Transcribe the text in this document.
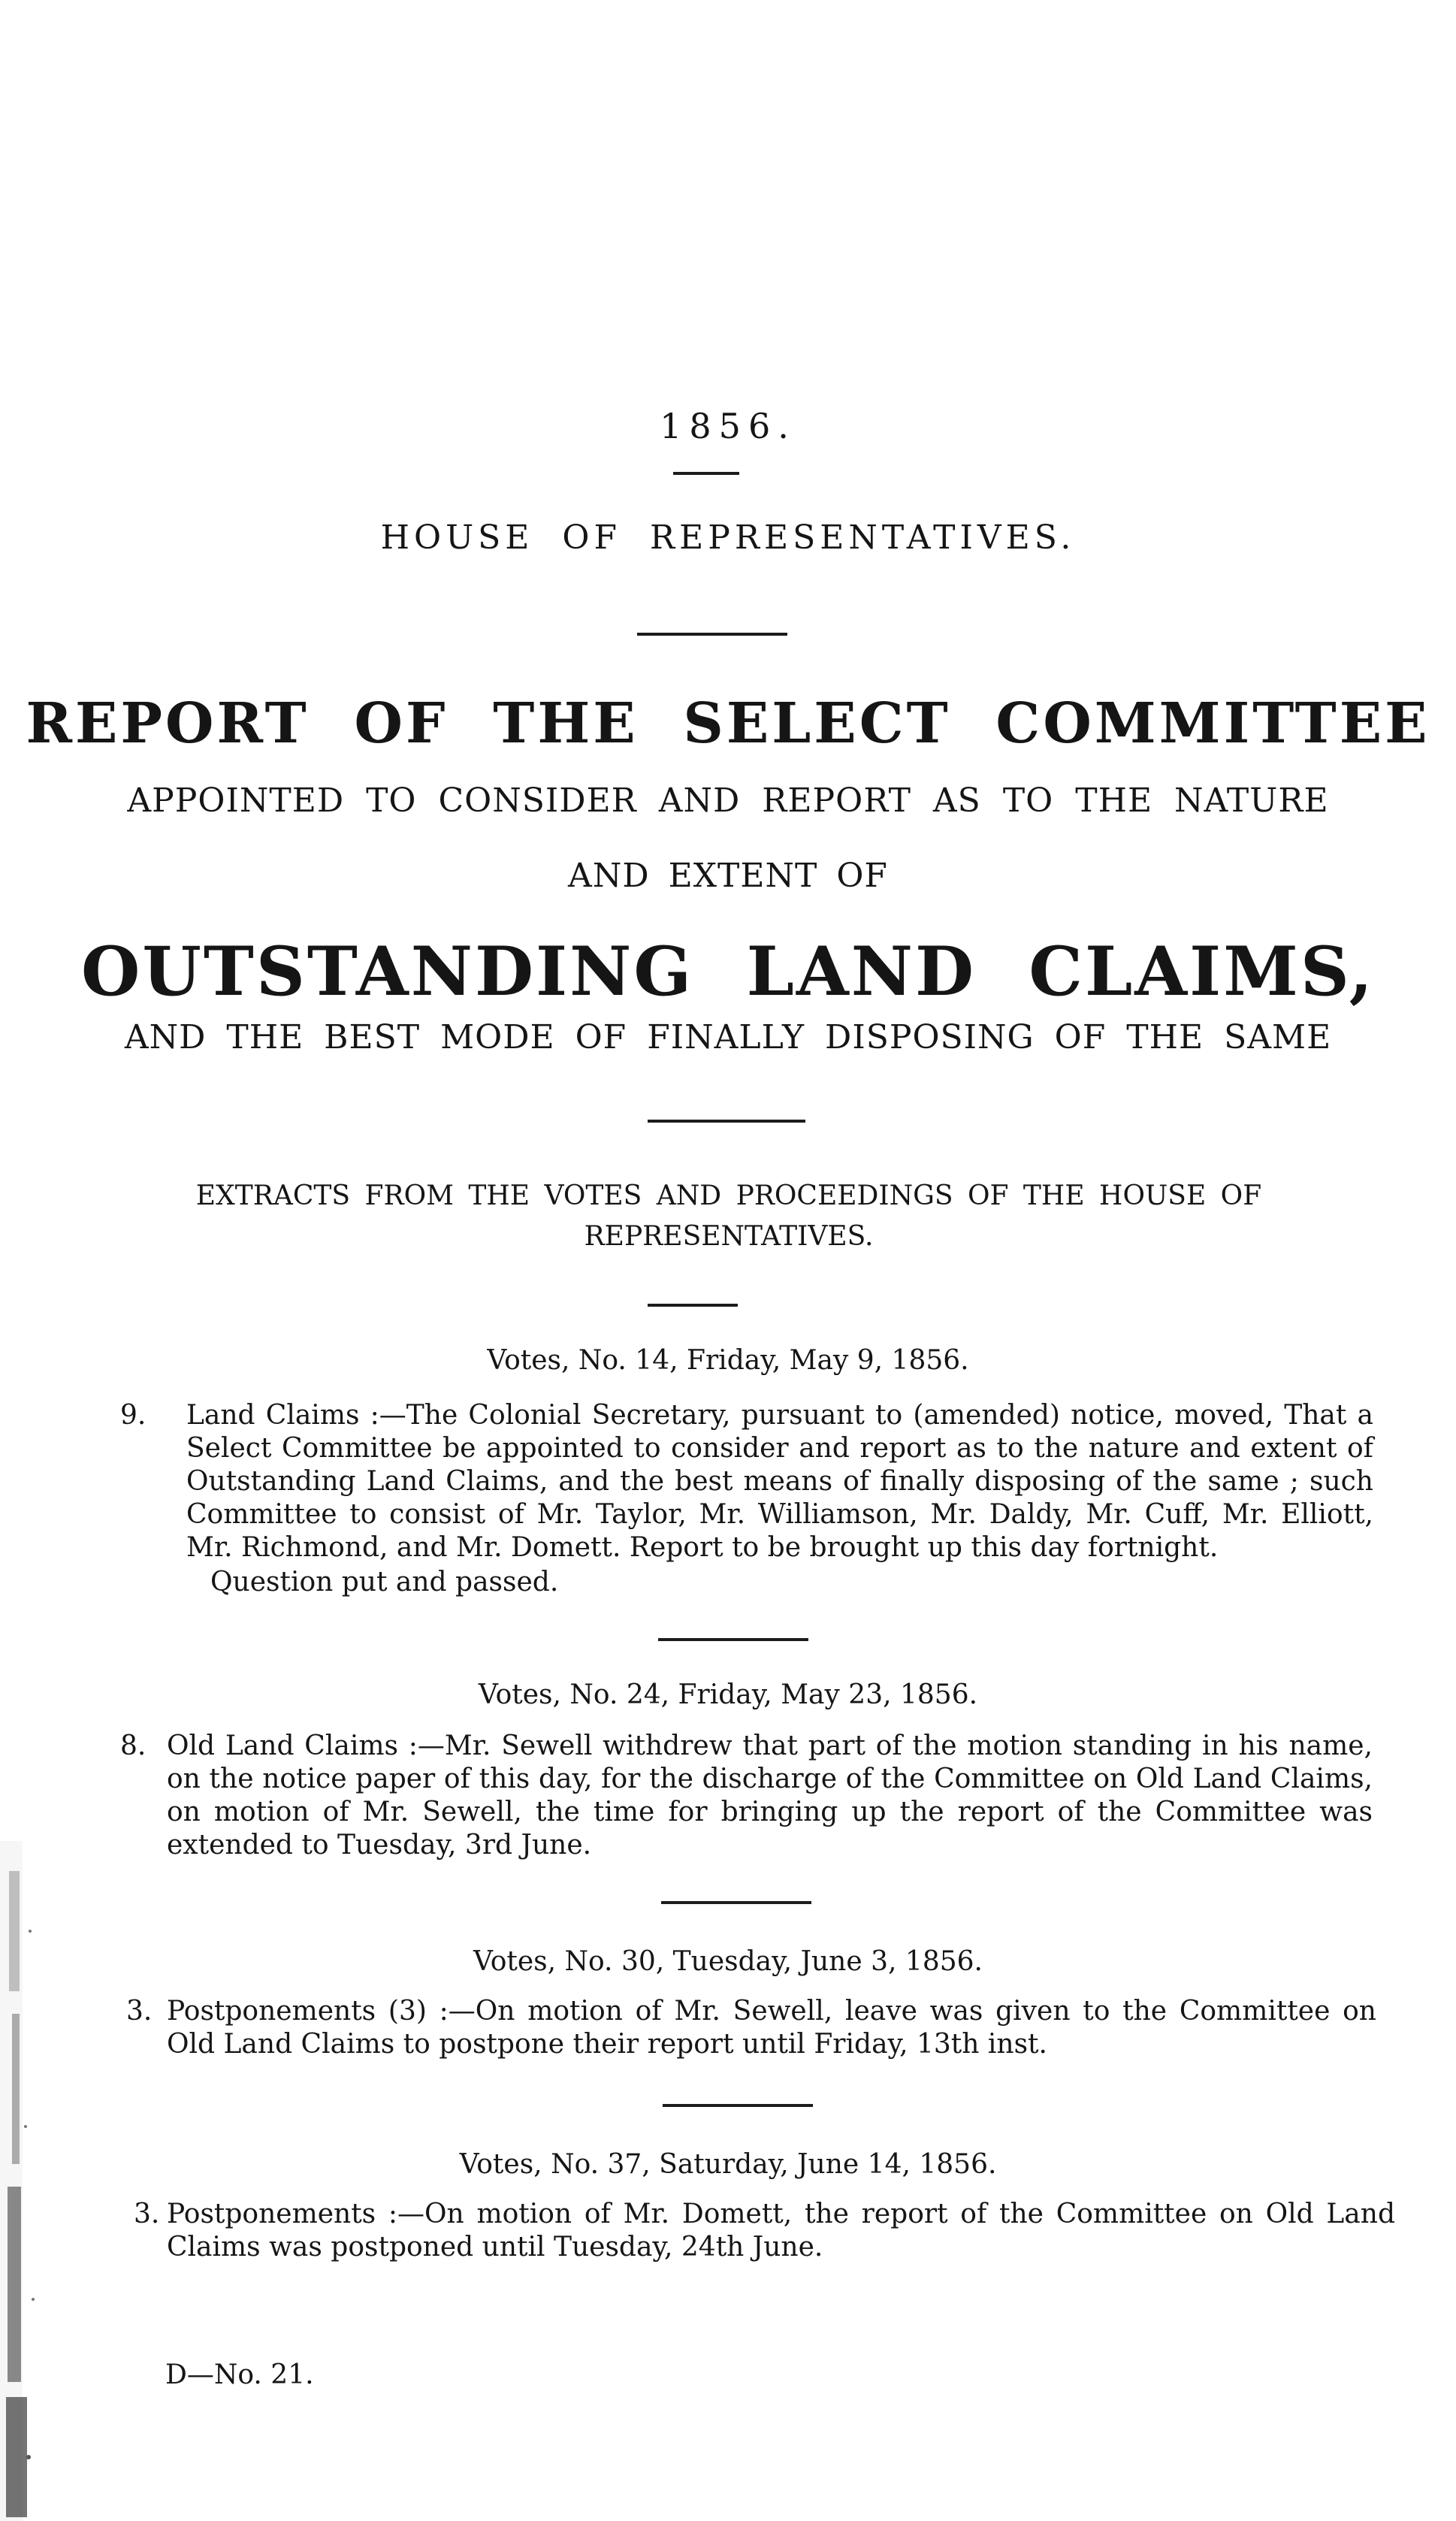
1856.
HOUSE OF REPRESENTATIVES.
REPORT OF THE SELECT COMMITTEE
APPOINTED TO CONSIDER AND REPORT AS TO THE NATURE
AND EXTENT OF
OUTSTANDING LAND CLAIMS,
AND THE BEST MODE OF FINALLY DISPOSING OF THE SAME
EXTRACTS FROM THE VOTES AND PROCEEDINGS OF THE HOUSE OF REPRESENTATIVES.
Votes, No. 14, Friday, May 9, 1856.
9. Land Claims :—The Colonial Secretary, pursuant to (amended) notice, moved, That a Select Committee be appointed to consider and report as to the nature and extent of Outstanding Land Claims, and the best means of finally disposing of the same ; such Committee to consist of Mr. Taylor, Mr. Williamson, Mr. Daldy, Mr. Cuff, Mr. Elliott, Mr. Richmond, and Mr. Domett. Report to be brought up this day fortnight.

Question put and passed.
Votes, No. 24, Friday, May 23, 1856.
8. Old Land Claims :—Mr. Sewell withdrew that part of the motion standing in his name, on the notice paper of this day, for the discharge of the Committee on Old Land Claims, on motion of Mr. Sewell, the time for bringing up the report of the Committee was extended to Tuesday, 3rd June.

Votes, No. 30, Tuesday, June 3, 1856.
3. Postponements (3) :—On motion of Mr. Sewell, leave was given to the Committee on Old Land Claims to postpone their report until Friday, 13th inst.

Votes, No. 37, Saturday, June 14, 1856.
3. Postponements :—On motion of Mr. Domett, the report of the Committee on Old Land Claims was postponed until Tuesday, 24th June.

D—No. 21.
